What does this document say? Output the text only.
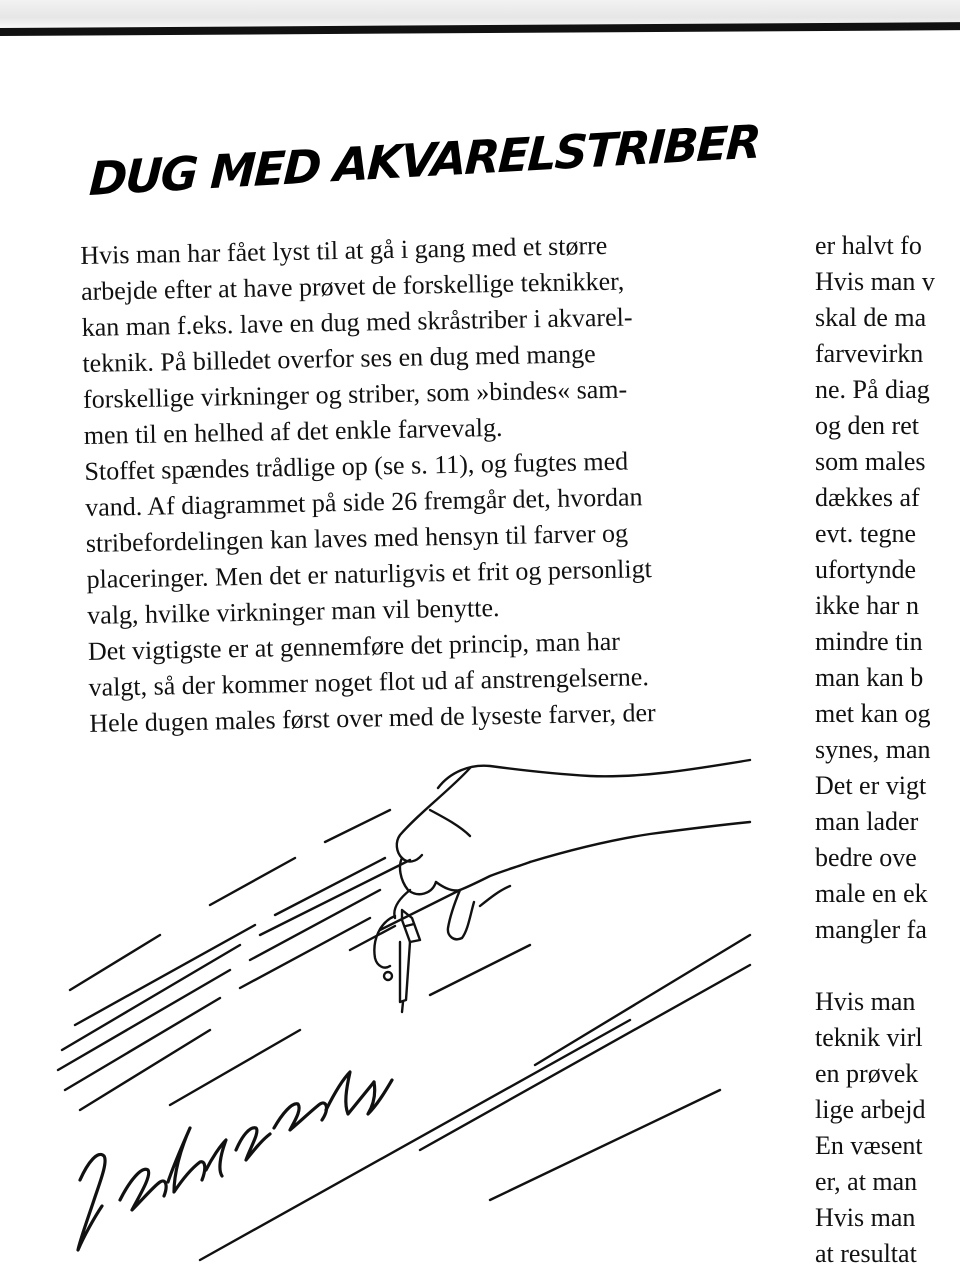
DUG MED AKVARELSTRIBER
Hvis man har fået lyst til at gå i gang med et større
arbejde efter at have prøvet de forskellige teknikker,
kan man f.eks. lave en dug med skråstriber i akvarel-
teknik. På billedet overfor ses en dug med mange
forskellige virkninger og striber, som »bindes« sam-
men til en helhed af det enkle farvevalg.
Stoffet spændes trådlige op (se s. 11), og fugtes med
vand. Af diagrammet på side 26 fremgår det, hvordan
stribefordelingen kan laves med hensyn til farver og
placeringer. Men det er naturligvis et frit og personligt
valg, hvilke virkninger man vil benytte.
Det vigtigste er at gennemføre det princip, man har
valgt, så der kommer noget flot ud af anstrengelserne.
Hele dugen males først over med de lyseste farver, der
er halvt fo
Hvis man v
skal de ma
farvevirkn
ne. På diag
og den ret
som males
dækkes af
evt. tegne
ufortynde
ikke har n
mindre tin
man kan b
met kan og
synes, man
Det er vigt
man lader
bedre ove
male en ek
mangler fa
Hvis man
teknik virl
en prøvek
lige arbejd
En væsent
er, at man
Hvis man
at resultat
